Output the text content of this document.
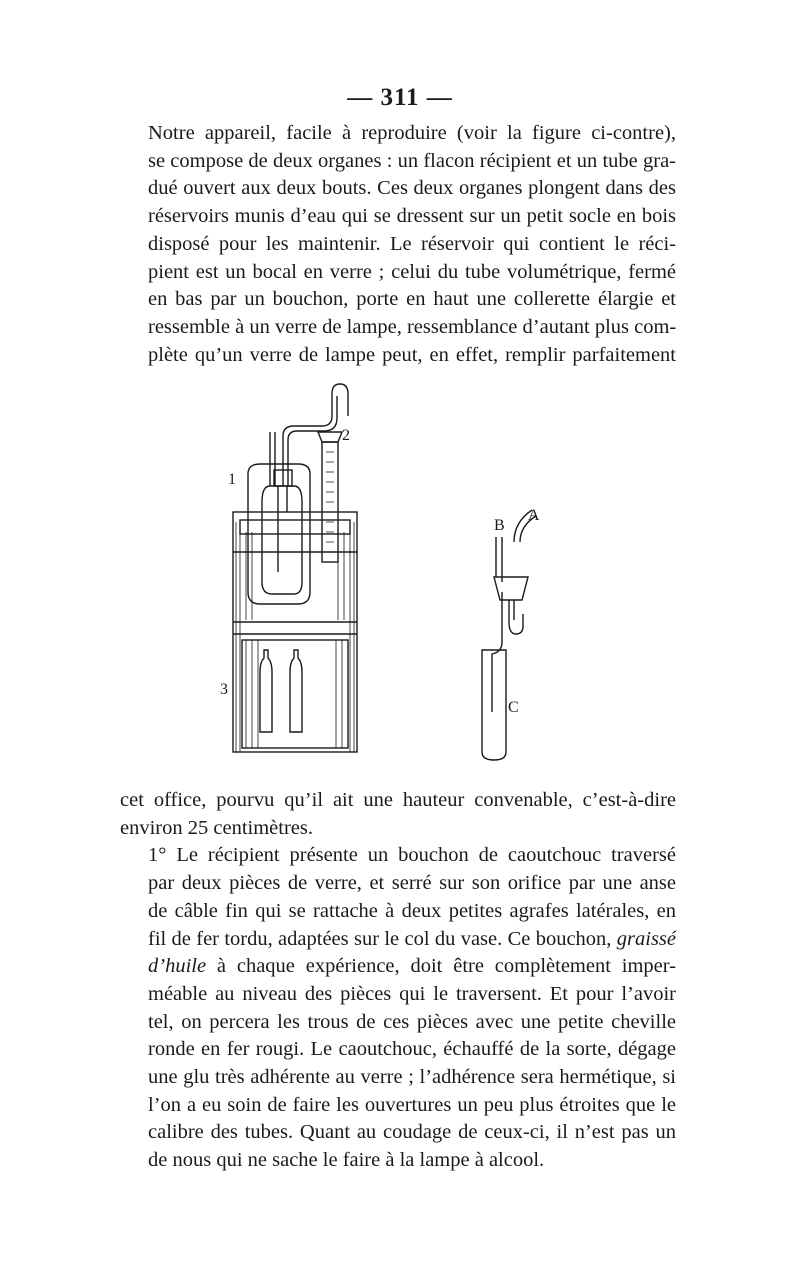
— 311 —

Notre appareil, facile à reproduire (voir la figure ci-contre),
se compose de deux organes : un flacon récipient et un tube gra-
dué ouvert aux deux bouts. Ces deux organes plongent dans des
réservoirs munis d’eau qui se dressent sur un petit socle en bois
disposé pour les maintenir. Le réservoir qui contient le réci-
pient est un bocal en verre ; celui du tube volumétrique, fermé
en bas par un bouchon, porte en haut une collerette élargie et
ressemble à un verre de lampe, ressemblance d’autant plus com-
plète qu’un verre de lampe peut, en effet, remplir parfaitement

1
2
3
A
B
C

cet office, pourvu qu’il ait une hauteur convenable, c’est-à-dire
environ 25 centimètres.

1° Le récipient présente un bouchon de caoutchouc traversé
par deux pièces de verre, et serré sur son orifice par une anse
de câble fin qui se rattache à deux petites agrafes latérales, en
fil de fer tordu, adaptées sur le col du vase. Ce bouchon, graissé
d’huile à chaque expérience, doit être complètement imper-
méable au niveau des pièces qui le traversent. Et pour l’avoir
tel, on percera les trous de ces pièces avec une petite cheville
ronde en fer rougi. Le caoutchouc, échauffé de la sorte, dégage
une glu très adhérente au verre ; l’adhérence sera hermétique, si
l’on a eu soin de faire les ouvertures un peu plus étroites que le
calibre des tubes. Quant au coudage de ceux-ci, il n’est pas un
de nous qui ne sache le faire à la lampe à alcool.
